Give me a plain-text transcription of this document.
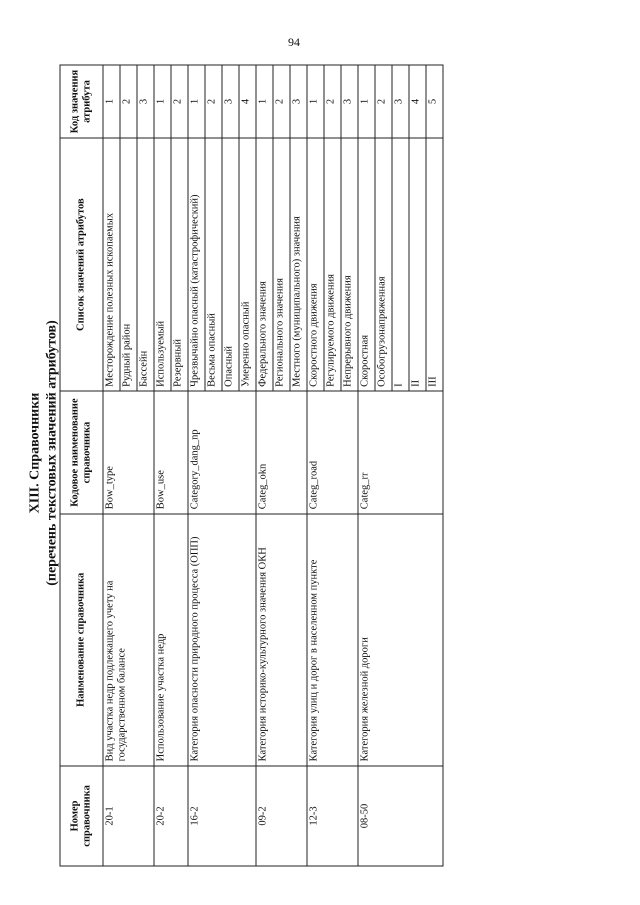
94
XIII. Справочники (перечень текстовых значений атрибутов)
Номер справочника	Наименование справочника	Кодовое наименование справочника	Список значений атрибутов	Код значения атрибута
20-1	Вид участка недр подлежащего учету на государственном балансе	Bow_type	Месторождение полезных ископаемых	1
			Рудный район	2
			Бассейн	3
20-2	Использование участка недр	Bow_use	Используемый	1
			Резервный	2
16-2	Категория опасности природного процесса (ОПП)	Category_dang_np	Чрезвычайно опасный (катастрофический)	1
			Весьма опасный	2
			Опасный	3
			Умеренно опасный	4
09-2	Категория историко-культурного значения ОКН	Categ_okn	Федерального значения	1
			Регионального значения	2
			Местного (муниципального) значения	3
12-3	Категория улиц и дорог в населенном пункте	Categ_road	Скоростного движения	1
			Регулируемого движения	2
			Непрерывного движения	3
08-50	Категория железной дороги	Categ_rr	Скоростная	1
			Особогрузонапряженная	2
			I	3
			II	4
			III	5
